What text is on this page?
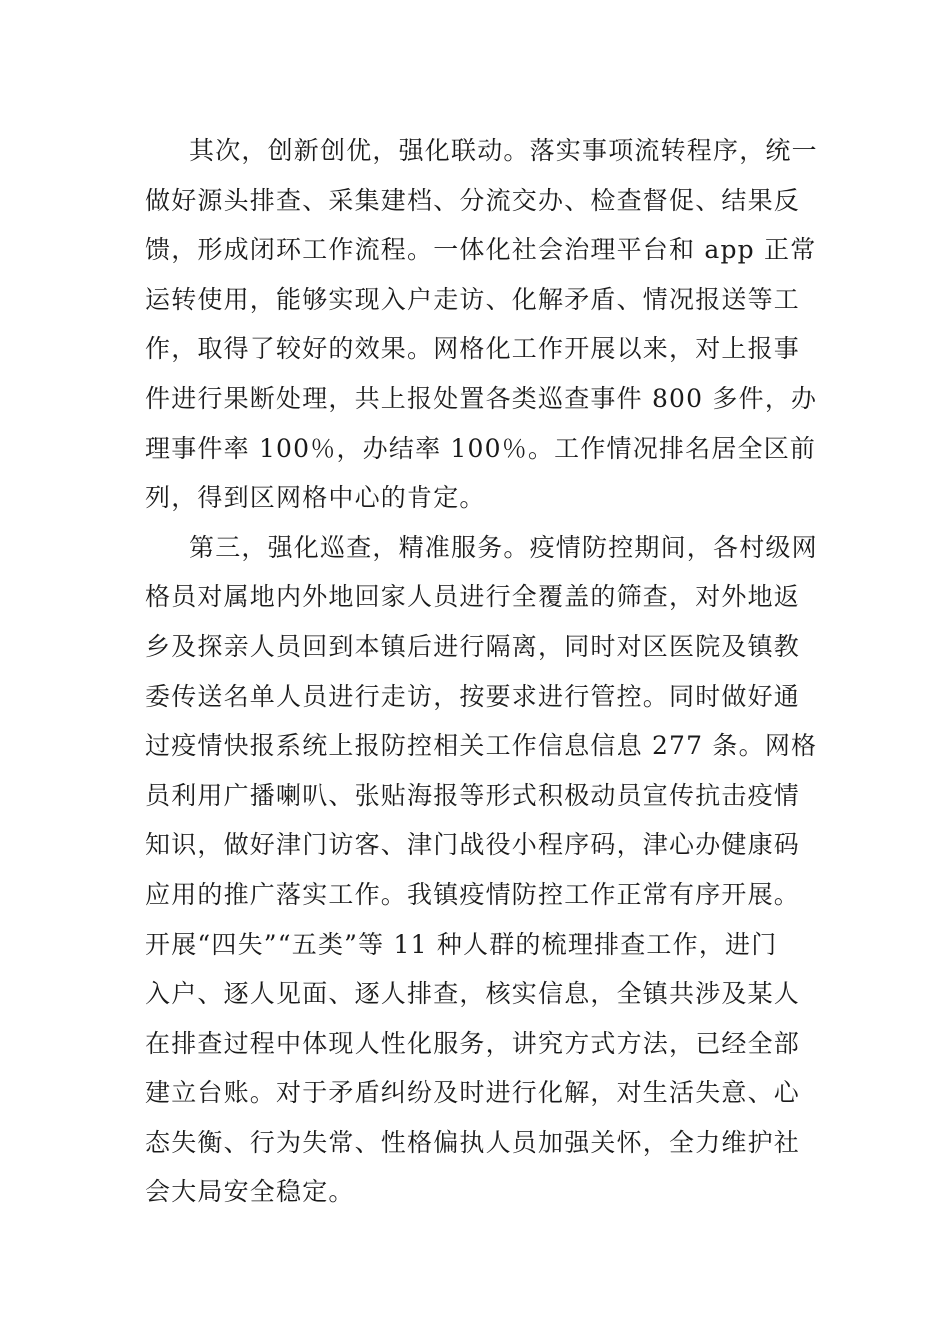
其次，创新创优，强化联动。落实事项流转程序，统一
做好源头排查、采集建档、分流交办、检查督促、结果反
馈，形成闭环工作流程。一体化社会治理平台和 app 正常
运转使用，能够实现入户走访、化解矛盾、情况报送等工
作，取得了较好的效果。网格化工作开展以来，对上报事
件进行果断处理，共上报处置各类巡查事件 800 多件，办
理事件率 100％，办结率 100％。工作情况排名居全区前
列，得到区网格中心的肯定。
第三，强化巡查，精准服务。疫情防控期间，各村级网
格员对属地内外地回家人员进行全覆盖的筛查，对外地返
乡及探亲人员回到本镇后进行隔离，同时对区医院及镇教
委传送名单人员进行走访，按要求进行管控。同时做好通
过疫情快报系统上报防控相关工作信息信息 277 条。网格
员利用广播喇叭、张贴海报等形式积极动员宣传抗击疫情
知识，做好津门访客、津门战役小程序码，津心办健康码
应用的推广落实工作。我镇疫情防控工作正常有序开展。
开展“四失”“五类”等 11 种人群的梳理排查工作，进门
入户、逐人见面、逐人排查，核实信息，全镇共涉及某人
在排查过程中体现人性化服务，讲究方式方法，已经全部
建立台账。对于矛盾纠纷及时进行化解，对生活失意、心
态失衡、行为失常、性格偏执人员加强关怀，全力维护社
会大局安全稳定。
